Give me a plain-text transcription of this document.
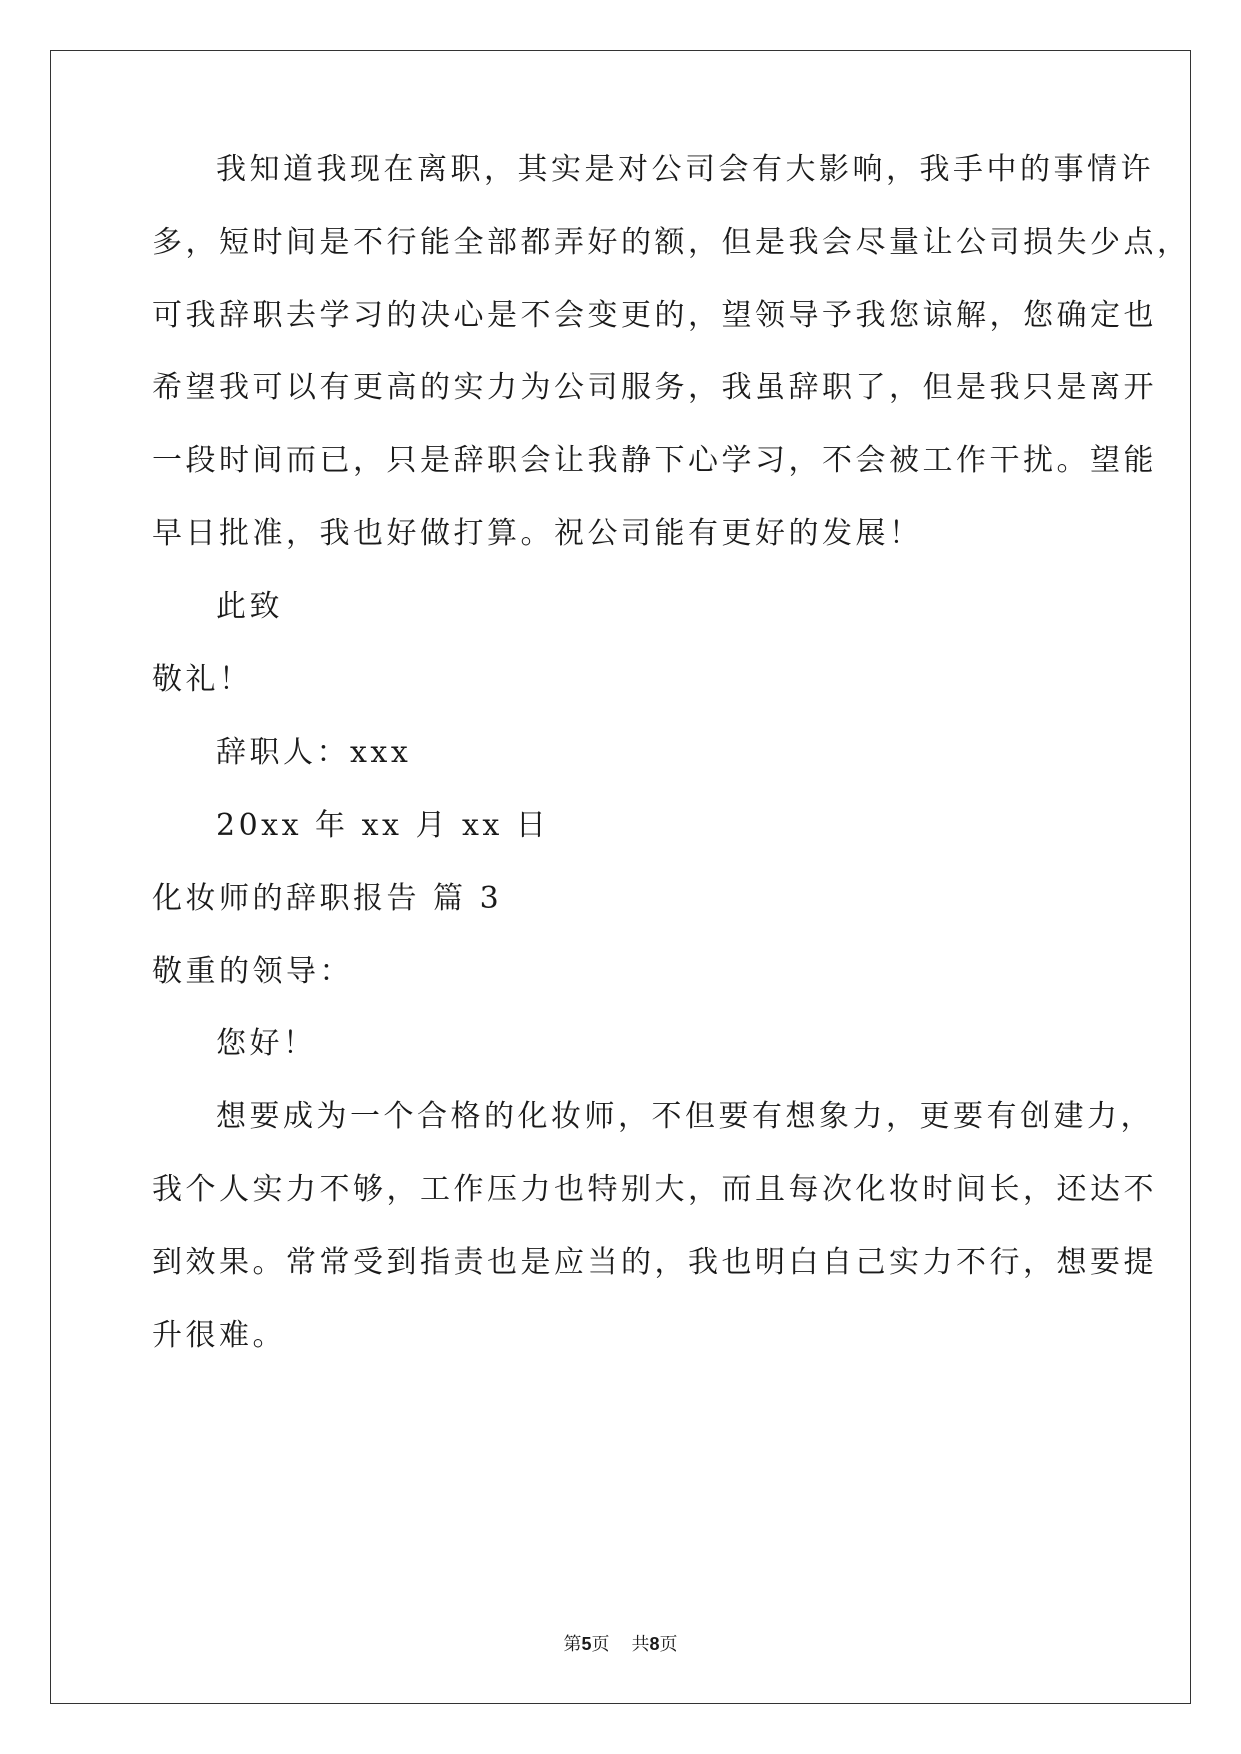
我知道我现在离职，其实是对公司会有大影响，我手中的事情许
多，短时间是不行能全部都弄好的额，但是我会尽量让公司损失少点，
可我辞职去学习的决心是不会变更的，望领导予我您谅解，您确定也
希望我可以有更高的实力为公司服务，我虽辞职了，但是我只是离开
一段时间而已，只是辞职会让我静下心学习，不会被工作干扰。望能
早日批准，我也好做打算。祝公司能有更好的发展！
此致
敬礼！
辞职人：xxx
20xx 年 xx 月 xx 日
化妆师的辞职报告 篇 3
敬重的领导：
您好！
想要成为一个合格的化妆师，不但要有想象力，更要有创建力，
我个人实力不够，工作压力也特别大，而且每次化妆时间长，还达不
到效果。常常受到指责也是应当的，我也明白自己实力不行，想要提
升很难。
第5页 共8页
